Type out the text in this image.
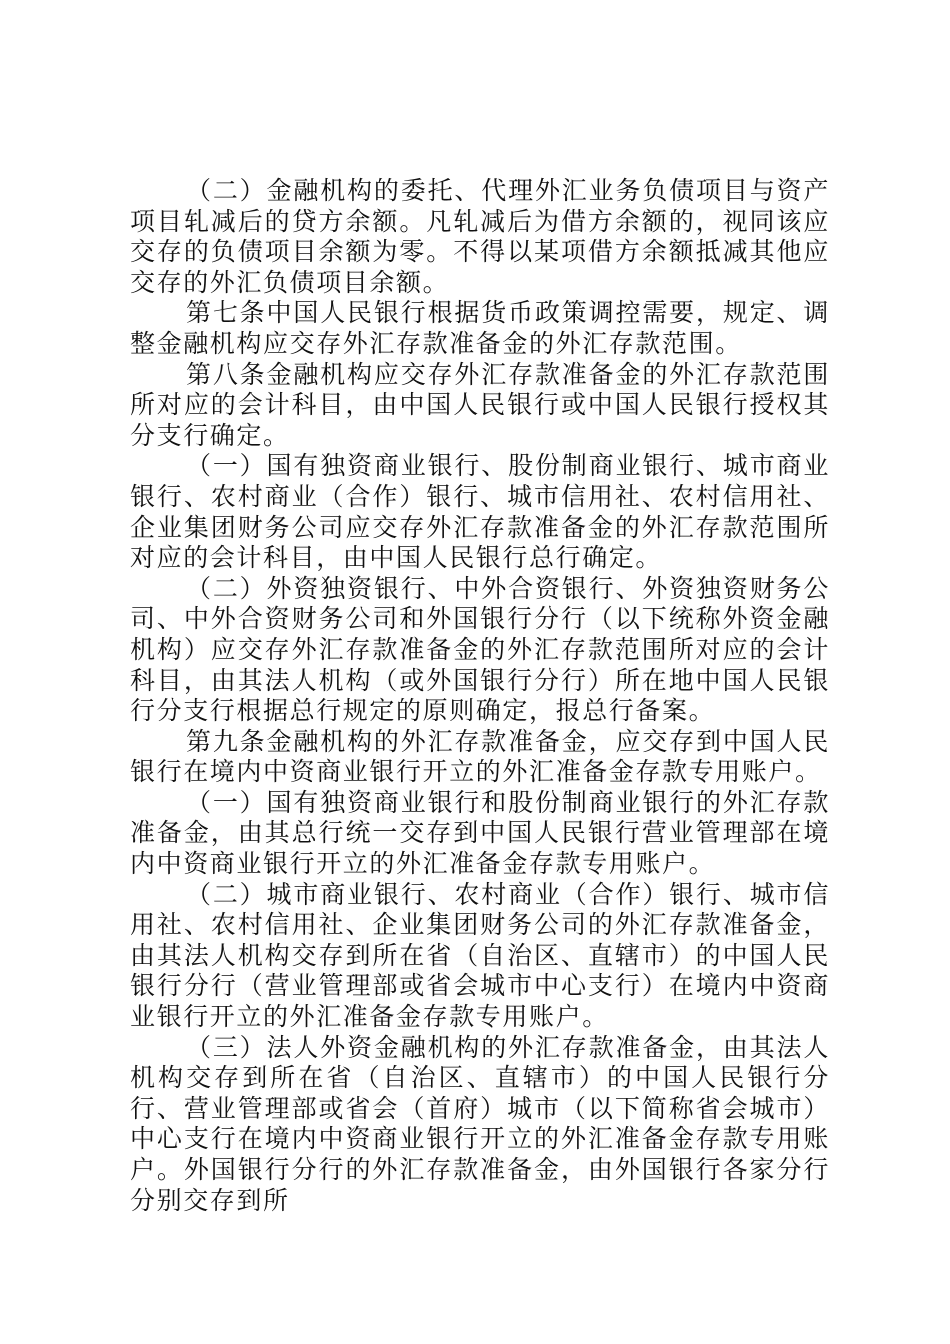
（二）金融机构的委托、代理外汇业务负债项目与资产项目轧减后的贷方余额。凡轧减后为借方余额的，视同该应交存的负债项目余额为零。不得以某项借方余额抵减其他应交存的外汇负债项目余额。

第七条中国人民银行根据货币政策调控需要，规定、调整金融机构应交存外汇存款准备金的外汇存款范围。

第八条金融机构应交存外汇存款准备金的外汇存款范围所对应的会计科目，由中国人民银行或中国人民银行授权其分支行确定。

（一）国有独资商业银行、股份制商业银行、城市商业银行、农村商业（合作）银行、城市信用社、农村信用社、企业集团财务公司应交存外汇存款准备金的外汇存款范围所对应的会计科目，由中国人民银行总行确定。

（二）外资独资银行、中外合资银行、外资独资财务公司、中外合资财务公司和外国银行分行（以下统称外资金融机构）应交存外汇存款准备金的外汇存款范围所对应的会计科目，由其法人机构（或外国银行分行）所在地中国人民银行分支行根据总行规定的原则确定，报总行备案。

第九条金融机构的外汇存款准备金，应交存到中国人民银行在境内中资商业银行开立的外汇准备金存款专用账户。

（一）国有独资商业银行和股份制商业银行的外汇存款准备金，由其总行统一交存到中国人民银行营业管理部在境内中资商业银行开立的外汇准备金存款专用账户。

（二）城市商业银行、农村商业（合作）银行、城市信用社、农村信用社、企业集团财务公司的外汇存款准备金，由其法人机构交存到所在省（自治区、直辖市）的中国人民银行分行（营业管理部或省会城市中心支行）在境内中资商业银行开立的外汇准备金存款专用账户。

（三）法人外资金融机构的外汇存款准备金，由其法人机构交存到所在省（自治区、直辖市）的中国人民银行分行、营业管理部或省会（首府）城市（以下简称省会城市）中心支行在境内中资商业银行开立的外汇准备金存款专用账户。外国银行分行的外汇存款准备金，由外国银行各家分行分别交存到所
